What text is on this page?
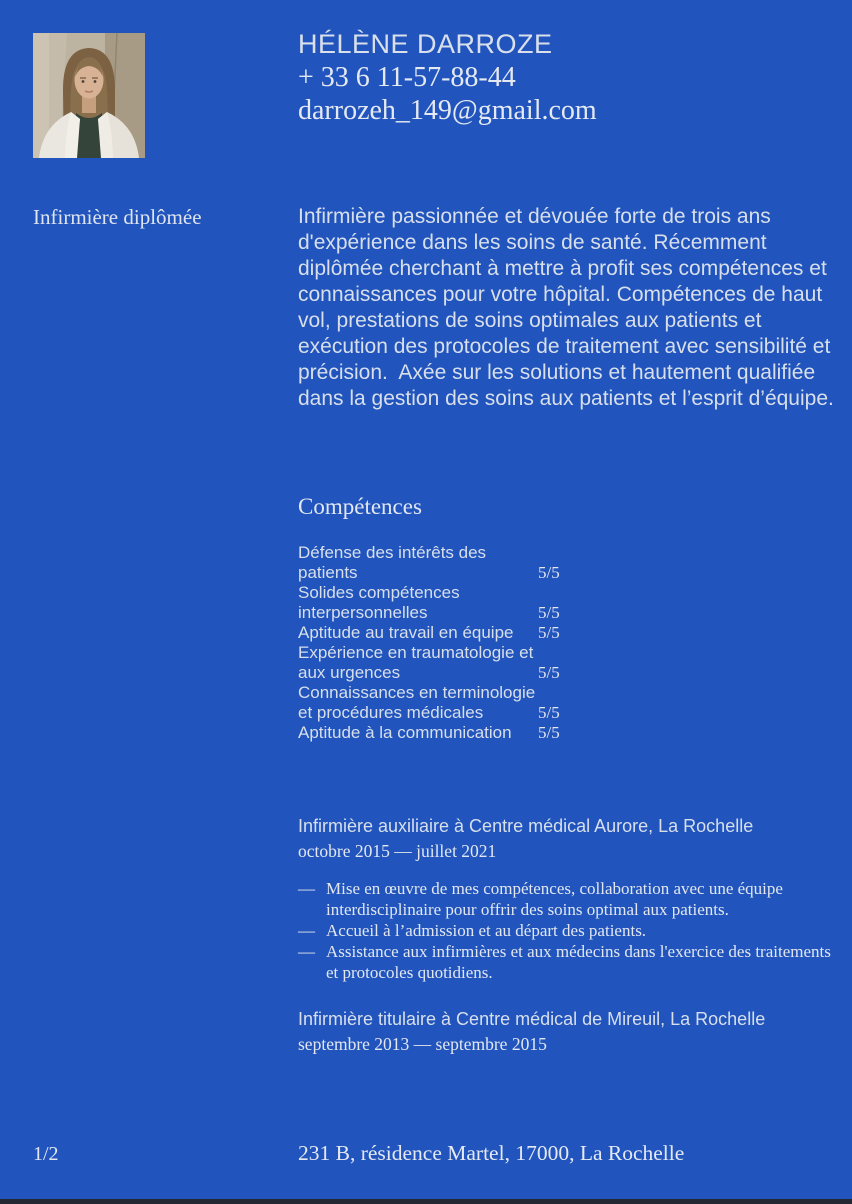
HÉLÈNE DARROZE
+ 33 6 11-57-88-44
darrozeh_149@gmail.com
Infirmière diplômée	Infirmière passionnée et dévouée forte de trois ans d'expérience dans les soins de santé. Récemment diplômée cherchant à mettre à profit ses compétences et connaissances pour votre hôpital. Compétences de haut vol, prestations de soins optimales aux patients et exécution des protocoles de traitement avec sensibilité et précision.  Axée sur les solutions et hautement qualifiée dans la gestion des soins aux patients et l’esprit d’équipe.
Compétences
Défense des intérêts des patients	5/5
Solides compétences interpersonnelles	5/5
Aptitude au travail en équipe	5/5
Expérience en traumatologie et aux urgences	5/5
Connaissances en terminologie et procédures médicales	5/5
Aptitude à la communication	5/5
Infirmière auxiliaire à Centre médical Aurore, La Rochelle
octobre 2015 — juillet 2021
— Mise en œuvre de mes compétences, collaboration avec une équipe interdisciplinaire pour offrir des soins optimal aux patients.
— Accueil à l’admission et au départ des patients.
— Assistance aux infirmières et aux médecins dans l'exercice des traitements et protocoles quotidiens.
Infirmière titulaire à Centre médical de Mireuil, La Rochelle
septembre 2013 — septembre 2015
1/2	231 B, résidence Martel, 17000, La Rochelle
